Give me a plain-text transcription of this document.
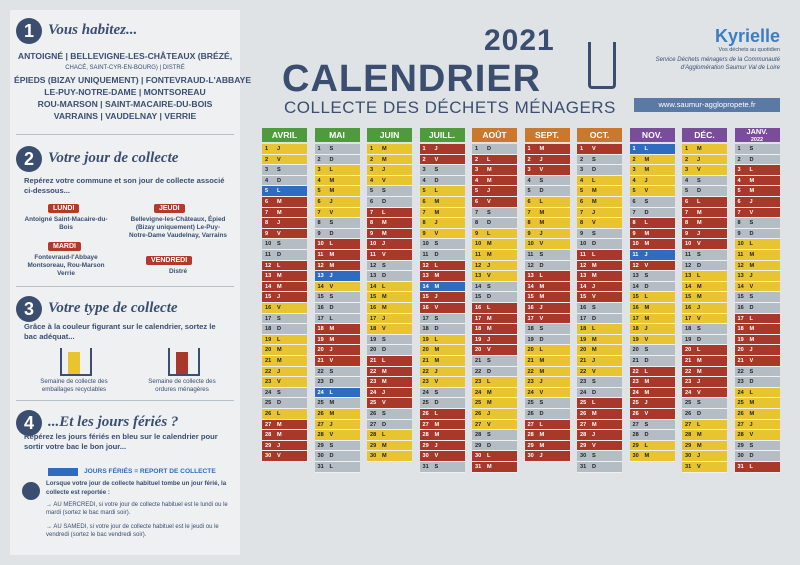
1 Vous habitez...
ANTOIGNÉ | BELLEVIGNE-LES-CHÂTEAUX (BRÉZÉ,
CHACÉ, SAINT-CYR-EN-BOURG) | DISTRÉ
ÉPIEDS (BIZAY UNIQUEMENT) | FONTEVRAUD-L'ABBAYE
LE-PUY-NOTRE-DAME | MONTSOREAU
ROU-MARSON | SAINT-MACAIRE-DU-BOIS
VARRAINS | VAUDELNAY | VERRIE
2 Votre jour de collecte
Repérez votre commune et son jour de collecte associé ci-dessous...
LUNDI
Antoigné Saint-Macaire-du-Bois
JEUDI
Bellevigne-les-Châteaux, Épied (Bizay uniquement) Le-Puy-Notre-Dame Vaudelnay, Varrains
MARDI
Fontevraud-l'Abbaye Montsoreau, Rou-Marson Verrie
VENDREDI
Distré
3 Votre type de collecte
Grâce à la couleur figurant sur le calendrier, sortez le bac adéquat...
Semaine de collecte des emballages recyclables
Semaine de collecte des ordures ménagères
4 ...Et les jours fériés ?
Repérez les jours fériés en bleu sur le calendrier pour sortir votre bac le bon jour...
JOURS FÉRIÉS = REPORT DE COLLECTE
Lorsque votre jour de collecte habituel tombe un jour férié, la collecte est reportée :
→ AU MERCREDI, si votre jour de collecte habituel est le lundi ou le mardi (sortez le bac mardi soir).
→ AU SAMEDI, si votre jour de collecte habituel est le jeudi ou le vendredi (sortez le bac vendredi soir).
2021
CALENDRIER
COLLECTE DES DÉCHETS MÉNAGERS
Kyrielle
Vos déchets au quotidien
Service Déchets ménagers de la Communauté d'Agglomération Saumur Val de Loire
www.saumur-agglopropete.fr
AVRIL
1 J
2 V
3 S
4 D
5 L
6 M
7 M
8 J
9 V
10 S
11 D
12 L
13 M
14 M
15 J
16 V
17 S
18 D
19 L
20 M
21 M
22 J
23 V
24 S
25 D
26 L
27 M
28 M
29 J
30 V
MAI
1 S
2 D
3 L
4 M
5 M
6 J
7 V
8 S
9 D
10 L
11 M
12 M
13 J
14 V
15 S
16 D
17 L
18 M
19 M
20 J
21 V
22 S
23 D
24 L
25 M
26 M
27 J
28 V
29 S
30 D
31 L
JUIN
1 M
2 M
3 J
4 V
5 S
6 D
7 L
8 M
9 M
10 J
11 V
12 S
13 D
14 L
15 M
16 M
17 J
18 V
19 S
20 D
21 L
22 M
23 M
24 J
25 V
26 S
27 D
28 L
29 M
30 M
JUILL.
1 J
2 V
3 S
4 D
5 L
6 M
7 M
8 J
9 V
10 S
11 D
12 L
13 M
14 M
15 J
16 V
17 S
18 D
19 L
20 M
21 M
22 J
23 V
24 S
25 D
26 L
27 M
28 M
29 J
30 V
31 S
AOÛT
1 D
2 L
3 M
4 M
5 J
6 V
7 S
8 D
9 L
10 M
11 M
12 J
13 V
14 S
15 D
16 L
17 M
18 M
19 J
20 V
21 S
22 D
23 L
24 M
25 M
26 J
27 V
28 S
29 D
30 L
31 M
SEPT.
1 M
2 J
3 V
4 S
5 D
6 L
7 M
8 M
9 J
10 V
11 S
12 D
13 L
14 M
15 M
16 J
17 V
18 S
19 D
20 L
21 M
22 M
23 J
24 V
25 S
26 D
27 L
28 M
29 M
30 J
OCT.
1 V
2 S
3 D
4 L
5 M
6 M
7 J
8 V
9 S
10 D
11 L
12 M
13 M
14 J
15 V
16 S
17 D
18 L
19 M
20 M
21 J
22 V
23 S
24 D
25 L
26 M
27 M
28 J
29 V
30 S
31 D
NOV.
1 L
2 M
3 M
4 J
5 V
6 S
7 D
8 L
9 M
10 M
11 J
12 V
13 S
14 D
15 L
16 M
17 M
18 J
19 V
20 S
21 D
22 L
23 M
24 M
25 J
26 V
27 S
28 D
29 L
30 M
DÉC.
1 M
2 J
3 V
4 S
5 D
6 L
7 M
8 M
9 J
10 V
11 S
12 D
13 L
14 M
15 M
16 J
17 V
18 S
19 D
20 L
21 M
22 M
23 J
24 V
25 S
26 D
27 L
28 M
29 M
30 J
31 V
JANV.
2022
1 S
2 D
3 L
4 M
5 M
6 J
7 V
8 S
9 D
10 L
11 M
12 M
13 J
14 V
15 S
16 D
17 L
18 M
19 M
20 J
21 V
22 S
23 D
24 L
25 M
26 M
27 J
28 V
29 S
30 D
31 L
